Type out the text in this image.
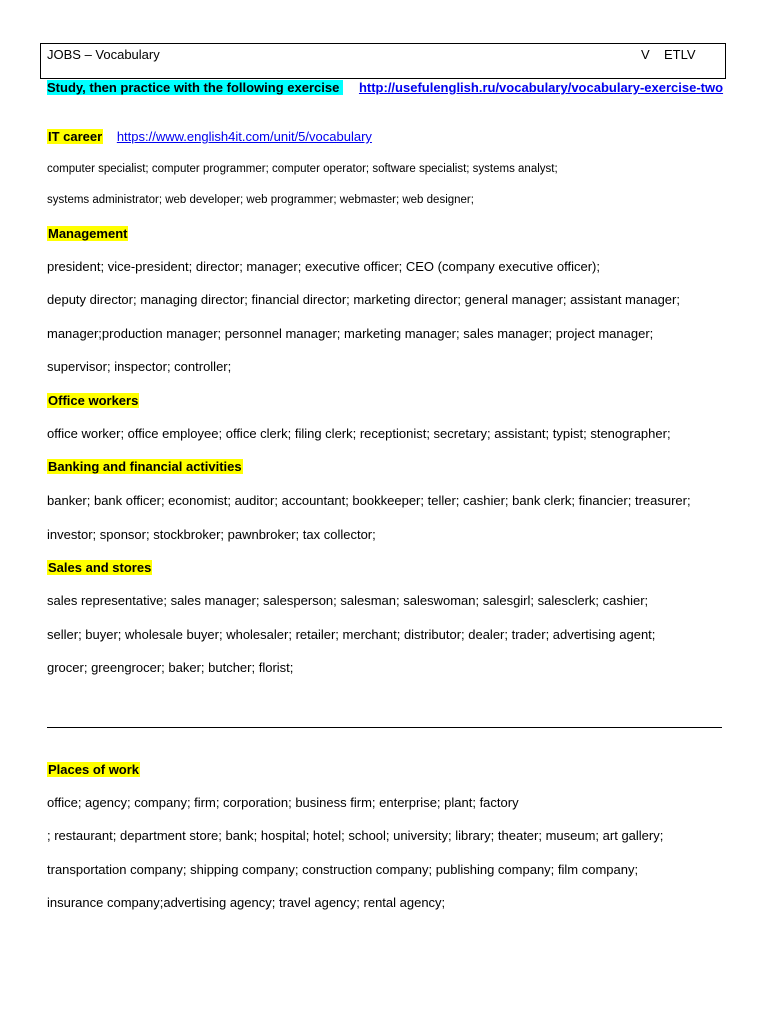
JOBS – Vocabulary	V ETLV
Study, then practice with the following exercise http://usefulenglish.ru/vocabulary/vocabulary-exercise-two
IT career https://www.english4it.com/unit/5/vocabulary
computer specialist; computer programmer; computer operator; software specialist; systems analyst;
systems administrator; web developer; web programmer; webmaster; web designer;
Management
president; vice-president; director; manager; executive officer; CEO (company executive officer);
deputy director; managing director; financial director; marketing director; general manager; assistant manager;
manager;production manager; personnel manager; marketing manager; sales manager; project manager;
supervisor; inspector; controller;
Office workers
office worker; office employee; office clerk; filing clerk; receptionist; secretary; assistant; typist; stenographer;
Banking and financial activities
banker; bank officer; economist; auditor; accountant; bookkeeper; teller; cashier; bank clerk; financier; treasurer;
investor; sponsor; stockbroker; pawnbroker; tax collector;
Sales and stores
sales representative; sales manager; salesperson; salesman; saleswoman; salesgirl; salesclerk; cashier;
seller; buyer; wholesale buyer; wholesaler; retailer; merchant; distributor; dealer; trader; advertising agent;
grocer; greengrocer; baker; butcher; florist;
Places of work
office; agency; company; firm; corporation; business firm; enterprise; plant; factory
; restaurant; department store; bank; hospital; hotel; school; university; library; theater; museum; art gallery;
transportation company; shipping company; construction company; publishing company; film company;
insurance company;advertising agency; travel agency; rental agency;
